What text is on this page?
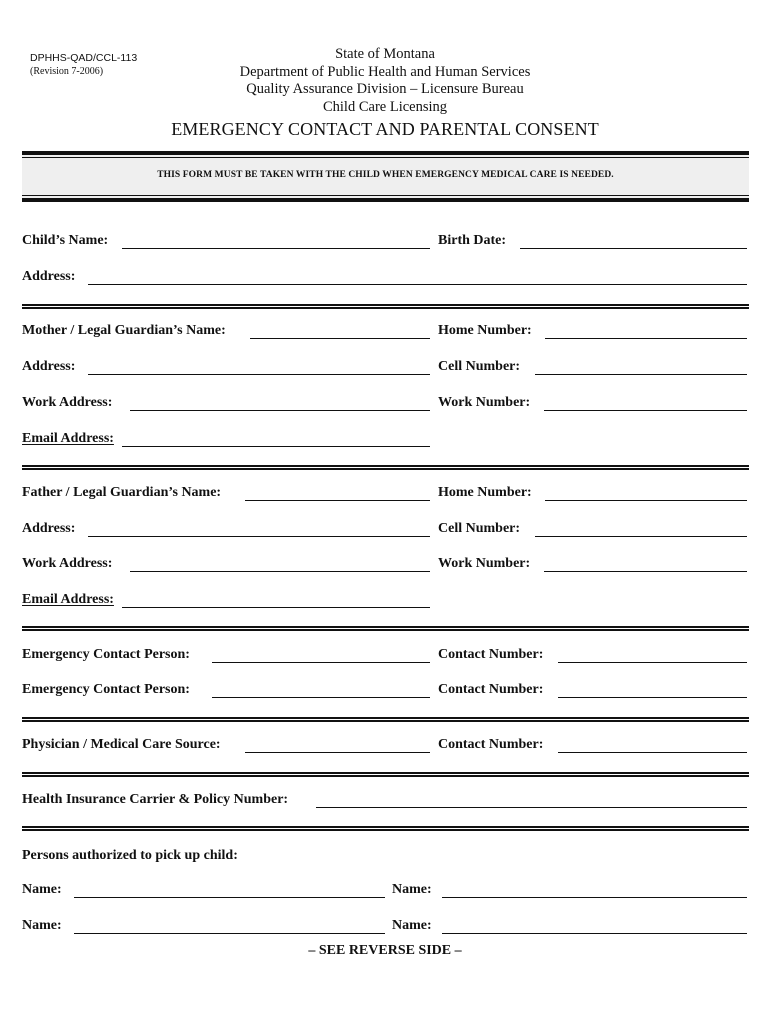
DPHHS-QAD/CCL-113
(Revision 7-2006)
State of Montana
Department of Public Health and Human Services
Quality Assurance Division – Licensure Bureau
Child Care Licensing
EMERGENCY CONTACT AND PARENTAL CONSENT
THIS FORM MUST BE TAKEN WITH THE CHILD WHEN EMERGENCY MEDICAL CARE IS NEEDED.
Child’s Name:	Birth Date:
Address:
Mother / Legal Guardian’s Name:	Home Number:
Address:	Cell Number:
Work Address:	Work Number:
Email Address:
Father / Legal Guardian’s Name:	Home Number:
Address:	Cell Number:
Work Address:	Work Number:
Email Address:
Emergency Contact Person:	Contact Number:
Emergency Contact Person:	Contact Number:
Physician / Medical Care Source:	Contact Number:
Health Insurance Carrier & Policy Number:
Persons authorized to pick up child:
Name:	Name:
Name:	Name:
– SEE REVERSE SIDE –
